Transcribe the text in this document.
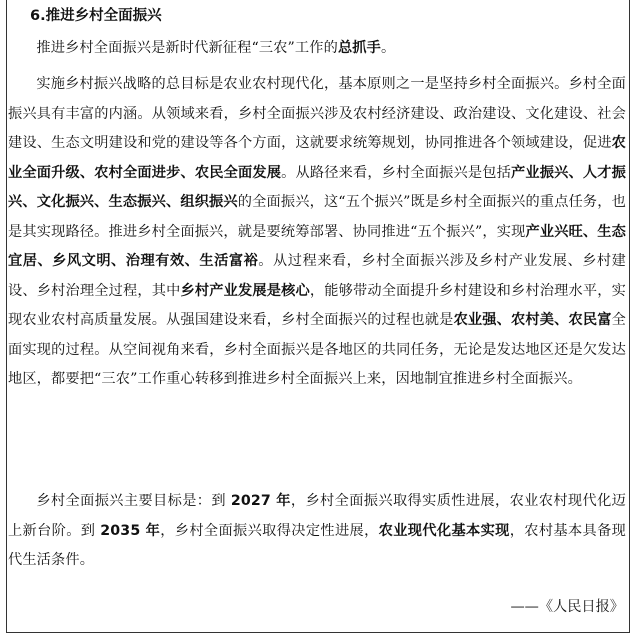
6.推进乡村全面振兴

推进乡村全面振兴是新时代新征程“三农”工作的总抓手。

实施乡村振兴战略的总目标是农业农村现代化，基本原则之一是坚持乡村全面振兴。乡村全面振兴具有丰富的内涵。从领域来看，乡村全面振兴涉及农村经济建设、政治建设、文化建设、社会建设、生态文明建设和党的建设等各个方面，这就要求统筹规划，协同推进各个领域建设，促进农业全面升级、农村全面进步、农民全面发展。从路径来看，乡村全面振兴是包括产业振兴、人才振兴、文化振兴、生态振兴、组织振兴的全面振兴，这“五个振兴”既是乡村全面振兴的重点任务，也是其实现路径。推进乡村全面振兴，就是要统筹部署、协同推进“五个振兴”，实现产业兴旺、生态宜居、乡风文明、治理有效、生活富裕。从过程来看，乡村全面振兴涉及乡村产业发展、乡村建设、乡村治理全过程，其中乡村产业发展是核心，能够带动全面提升乡村建设和乡村治理水平，实现农业农村高质量发展。从强国建设来看，乡村全面振兴的过程也就是农业强、农村美、农民富全面实现的过程。从空间视角来看，乡村全面振兴是各地区的共同任务，无论是发达地区还是欠发达地区，都要把“三农”工作重心转移到推进乡村全面振兴上来，因地制宜推进乡村全面振兴。

乡村全面振兴主要目标是：到 2027 年，乡村全面振兴取得实质性进展，农业农村现代化迈上新台阶。到 2035 年，乡村全面振兴取得决定性进展，农业现代化基本实现，农村基本具备现代生活条件。

——《人民日报》
